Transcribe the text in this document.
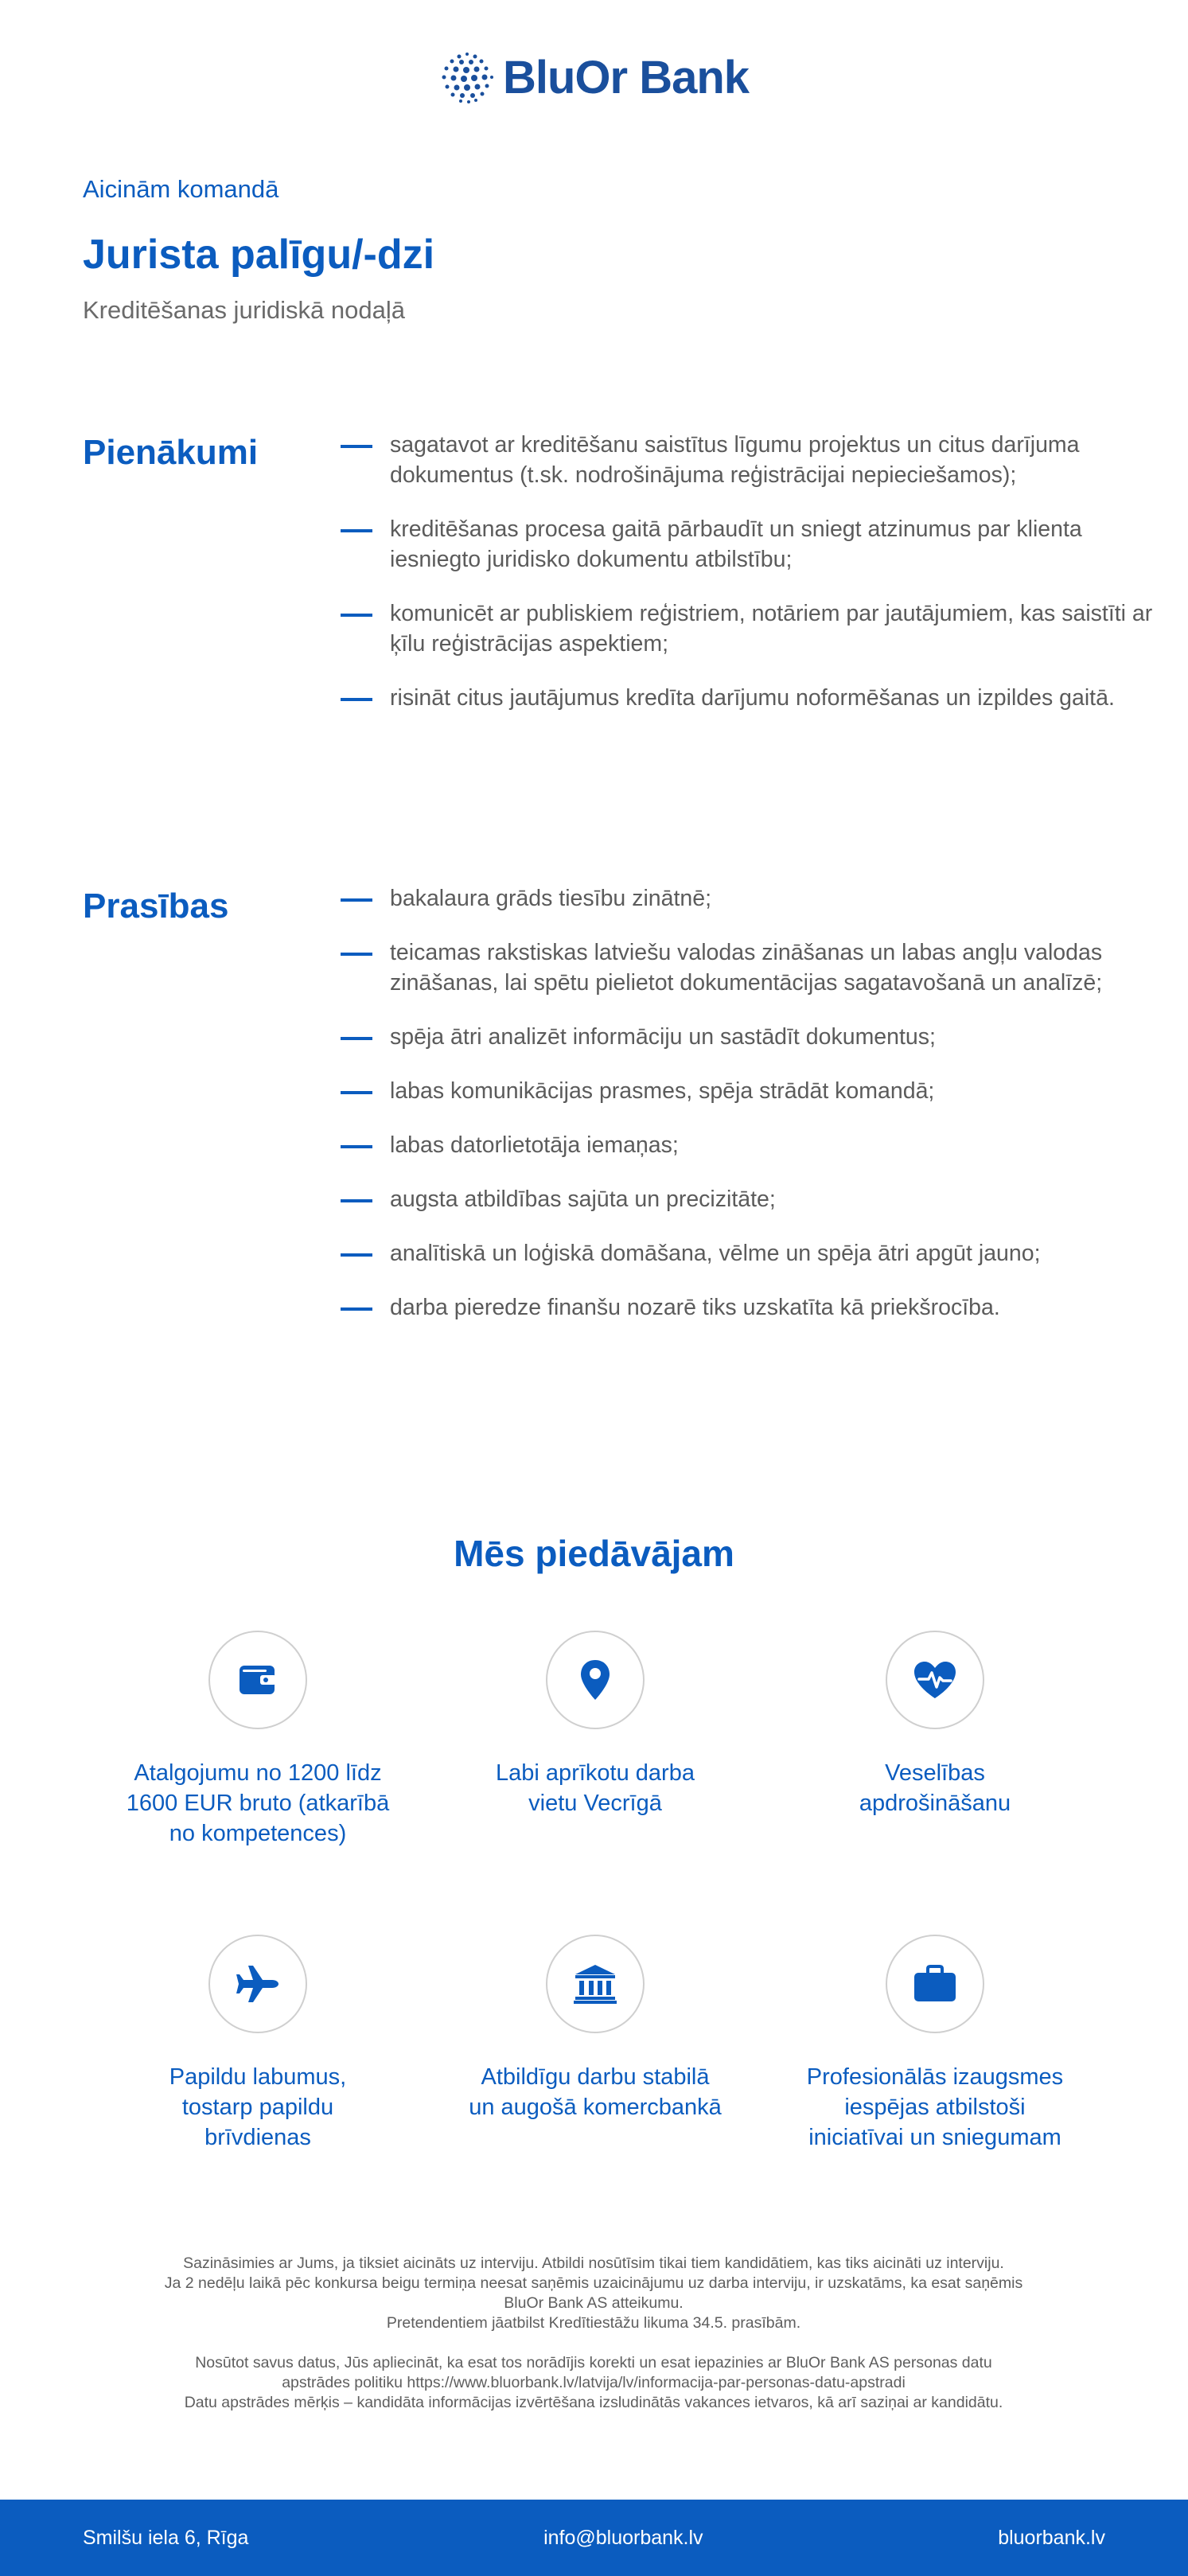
BluOr Bank
Aicinām komandā
Jurista palīgu/-dzi
Kreditēšanas juridiskā nodaļā
Pienākumi	sagatavot ar kreditēšanu saistītus līgumu projektus un citus darījuma dokumentus (t.sk. nodrošinājuma reģistrācijai nepieciešamos);
kreditēšanas procesa gaitā pārbaudīt un sniegt atzinumus par klienta iesniegto juridisko dokumentu atbilstību;
komunicēt ar publiskiem reģistriem, notāriem par jautājumiem, kas saistīti ar ķīlu reģistrācijas aspektiem;
risināt citus jautājumus kredīta darījumu noformēšanas un izpildes gaitā.
Prasības	bakalaura grāds tiesību zinātnē;
teicamas rakstiskas latviešu valodas zināšanas un labas angļu valodas zināšanas, lai spētu pielietot dokumentācijas sagatavošanā un analīzē;
spēja ātri analizēt informāciju un sastādīt dokumentus;
labas komunikācijas prasmes, spēja strādāt komandā;
labas datorlietotāja iemaņas;
augsta atbildības sajūta un precizitāte;
analītiskā un loģiskā domāšana, vēlme un spēja ātri apgūt jauno;
darba pieredze finanšu nozarē tiks uzskatīta kā priekšrocība.
Mēs piedāvājam
Atalgojumu no 1200 līdz
1600 EUR bruto (atkarībā
no kompetences)
Labi aprīkotu darba
vietu Vecrīgā
Veselības
apdrošināšanu
Papildu labumus,
tostarp papildu
brīvdienas
Atbildīgu darbu stabilā
un augošā komercbankā
Profesionālās izaugsmes
iespējas atbilstoši
iniciatīvai un sniegumam

Sazināsimies ar Jums, ja tiksiet aicināts uz interviju. Atbildi nosūtīsim tikai tiem kandidātiem, kas tiks aicināti uz interviju.
Ja 2 nedēļu laikā pēc konkursa beigu termiņa neesat saņēmis uzaicinājumu uz darba interviju, ir uzskatāms, ka esat saņēmis
BluOr Bank AS atteikumu.
Pretendentiem jāatbilst Kredītiestāžu likuma 34.5. prasībām.

Nosūtot savus datus, Jūs apliecināt, ka esat tos norādījis korekti un esat iepazinies ar BluOr Bank AS personas datu
apstrādes politiku https://www.bluorbank.lv/latvija/lv/informacija-par-personas-datu-apstradi
Datu apstrādes mērķis – kandidāta informācijas izvērtēšana izsludinātās vakances ietvaros, kā arī saziņai ar kandidātu.

Smilšu iela 6, Rīga	info@bluorbank.lv	bluorbank.lv
